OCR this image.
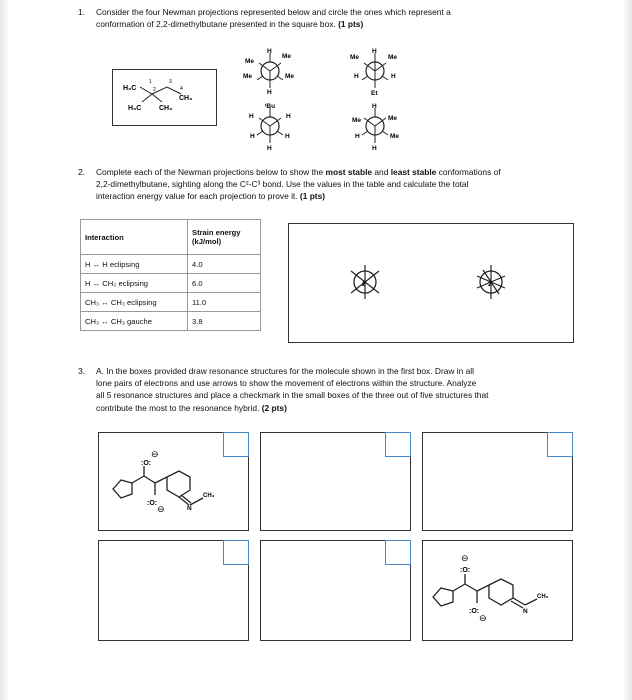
1. Consider the four Newman projections represented below and circle the ones which represent a
conformation of 2,2-dimethylbutane presented in the square box. (1 pts)
H₃C
1
2
3
4
CH₃
H₃C	CH₃
H
Me
Me
Me	Me
H
H
Me	Me
H	H
Et
ᵗBu
H	H
H	H
H
H
Me	Me
H	Me
H
2. Complete each of the Newman projections below to show the most stable and least stable conformations of
2,2-dimethylbutane, sighting along the C²-C³ bond. Use the values in the table and calculate the total
interaction energy value for each projection to prove it. (1 pts)
Interaction	Strain energy
(kJ/mol)

H ↔ H eclipsing	4.0
H ↔ CH₃ eclipsing	6.0
CH₃ ↔ CH₃ eclipsing	11.0
CH₃ ↔ CH₃ gauche	3.8
2	2
3. A. In the boxes provided draw resonance structures for the molecule shown in the first box. Draw in all
lone pairs of electrons and use arrows to show the movement of electrons within the structure. Analyze
all 5 resonance structures and place a checkmark in the small boxes of the three out of five structures that
contribute the most to the resonance hybrid. (2 pts)
⊖
:O:
:O:
⊖	N
CH₃
⊖
:O:
:O:
⊖
N
CH₃
